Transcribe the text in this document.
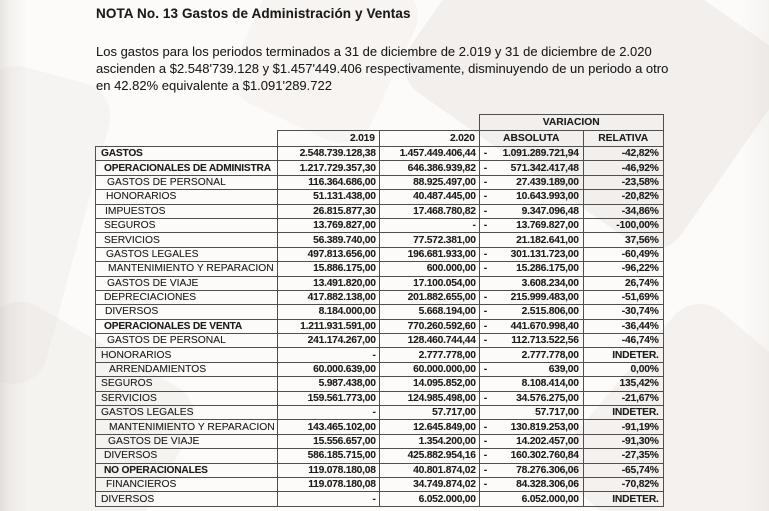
NOTA No. 13 Gastos de Administración y Ventas
Los gastos para los periodos terminados a 31 de diciembre de 2.019 y 31 de diciembre de 2.020
ascienden a $2.548'739.128 y $1.457'449.406 respectivamente, disminuyendo de un periodo a otro
en 42.82% equivalente a $1.091'289.722
			VARIACION	
	2.019	2.020	ABSOLUTA	RELATIVA
GASTOS	2.548.739.128,38	1.457.449.406,44	- 1.091.289.721,94	-42,82%
OPERACIONALES DE ADMINISTRA	1.217.729.357,30	646.386.939,82	- 571.342.417,48	-46,92%
GASTOS DE PERSONAL	116.364.686,00	88.925.497,00	- 27.439.189,00	-23,58%
HONORARIOS	51.131.438,00	40.487.445,00	- 10.643.993,00	-20,82%
IMPUESTOS	26.815.877,30	17.468.780,82	- 9.347.096,48	-34,86%
SEGUROS	13.769.827,00	-	- 13.769.827,00	-100,00%
SERVICIOS	56.389.740,00	77.572.381,00	21.182.641,00	37,56%
GASTOS LEGALES	497.813.656,00	196.681.933,00	- 301.131.723,00	-60,49%
MANTENIMIENTO Y REPARACION	15.886.175,00	600.000,00	- 15.286.175,00	-96,22%
GASTOS DE VIAJE	13.491.820,00	17.100.054,00	3.608.234,00	26,74%
DEPRECIACIONES	417.882.138,00	201.882.655,00	- 215.999.483,00	-51,69%
DIVERSOS	8.184.000,00	5.668.194,00	- 2.515.806,00	-30,74%
OPERACIONALES DE VENTA	1.211.931.591,00	770.260.592,60	- 441.670.998,40	-36,44%
GASTOS DE PERSONAL	241.174.267,00	128.460.744,44	- 112.713.522,56	-46,74%
HONORARIOS	-	2.777.778,00	2.777.778,00	INDETER.
ARRENDAMIENTOS	60.000.639,00	60.000.000,00	- 639,00	0,00%
SEGUROS	5.987.438,00	14.095.852,00	8.108.414,00	135,42%
SERVICIOS	159.561.773,00	124.985.498,00	- 34.576.275,00	-21,67%
GASTOS LEGALES	-	57.717,00	57.717,00	INDETER.
MANTENIMIENTO Y REPARACION	143.465.102,00	12.645.849,00	- 130.819.253,00	-91,19%
GASTOS DE VIAJE	15.556.657,00	1.354.200,00	- 14.202.457,00	-91,30%
DIVERSOS	586.185.715,00	425.882.954,16	- 160.302.760,84	-27,35%
NO OPERACIONALES	119.078.180,08	40.801.874,02	- 78.276.306,06	-65,74%
FINANCIEROS	119.078.180,08	34.749.874,02	- 84.328.306,06	-70,82%
DIVERSOS	-	6.052.000,00	6.052.000,00	INDETER.
